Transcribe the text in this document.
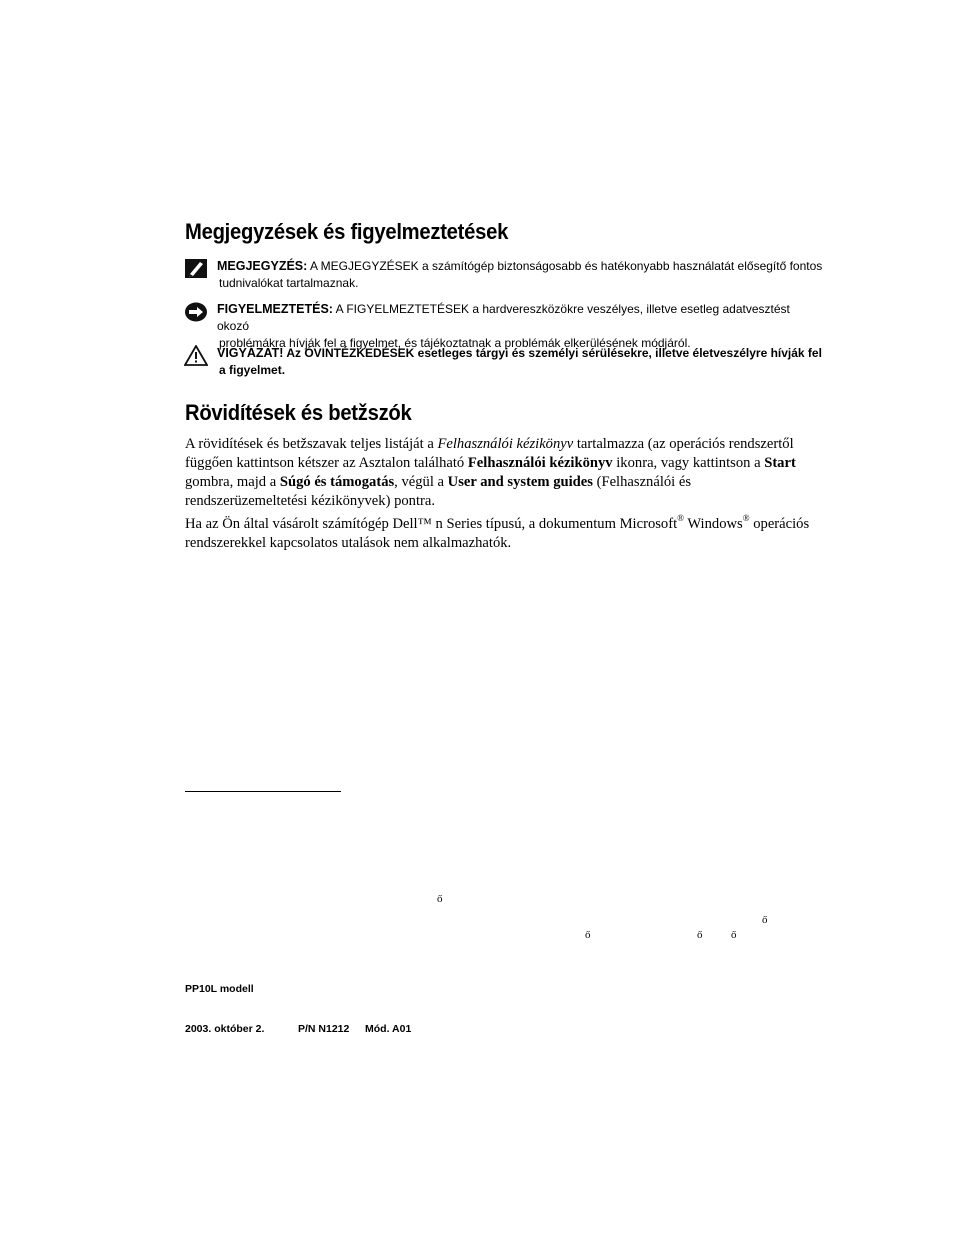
Megjegyzések és figyelmeztetések
MEGJEGYZÉS: A MEGJEGYZÉSEK a számítógép biztonságosabb és hatékonyabb használatát elősegítő fontos
tudnivalókat tartalmaznak.
FIGYELMEZTETÉS: A FIGYELMEZTETÉSEK a hardvereszközökre veszélyes, illetve esetleg adatvesztést okozó
problémákra hívják fel a figyelmet, és tájékoztatnak a problémák elkerülésének módjáról.
VIGYÁZAT! Az ÓVINTÉZKEDÉSEK esetleges tárgyi és személyi sérülésekre, illetve életveszélyre hívják fel
a figyelmet.
Rövidítések és betžszók

A rövidítések és betžszavak teljes listáját a Felhasználói kézikönyv tartalmazza (az operációs rendszertől függően kattintson kétszer az Asztalon található Felhasználói kézikönyv ikonra, vagy kattintson a Start gombra, majd a Súgó és támogatás, végül a User and system guides (Felhasználói és rendszerüzemeltetési kézikönyvek) pontra.

Ha az Ön által vásárolt számítógép Dell™ n Series típusú, a dokumentum Microsoft® Windows® operációs rendszerekkel kapcsolatos utalások nem alkalmazhatók.

ő
ő
ő	ő	ő
PP10L modell
2003. október 2.	P/N N1212 Mód. A01
